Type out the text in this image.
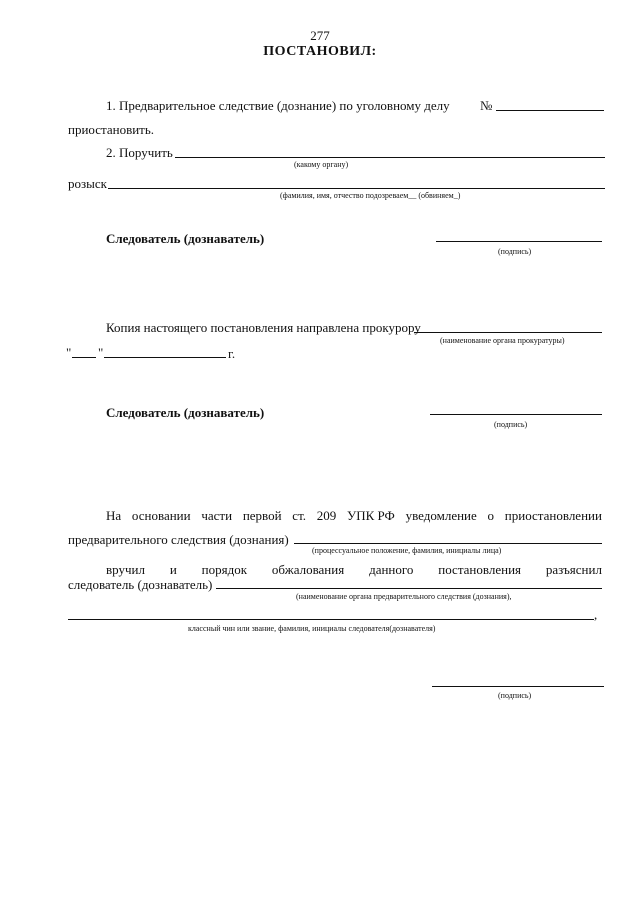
277
ПОСТАНОВИЛ:
1. Предварительное следствие (дознание) по уголовному делу №
приостановить.
2. Поручить
(какому органу)
розыск
(фамилия, имя, отчество подозреваем__ (обвиняем_)
Следователь (дознаватель)
(подпись)
Копия настоящего постановления направлена прокурору
(наименование органа прокуратуры)
" "	г.
Следователь (дознаватель)
(подпись)
На основании части первой ст. 209 УПК РФ уведомление о приостановлении
предварительного следствия (дознания)
(процессуальное положение, фамилия, инициалы лица)
вручил и порядок обжалования данного постановления разъяснил
следователь (дознаватель)
(наименование органа предварительного следствия (дознания),
,
классный чин или звание, фамилия, инициалы следователя(дознавателя)
(подпись)
